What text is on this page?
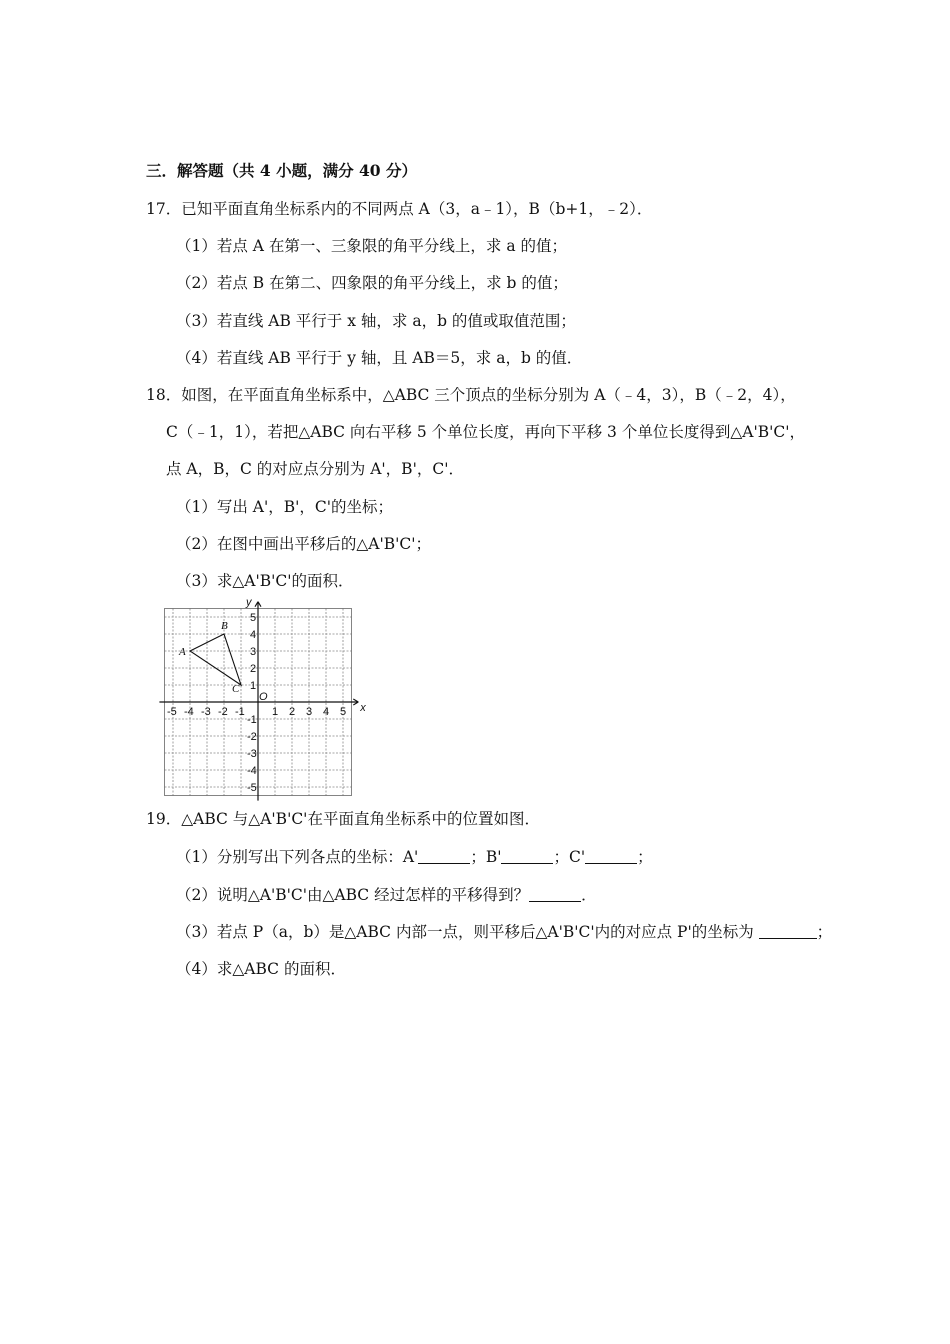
三．解答题（共 4 小题，满分 40 分）
17．已知平面直角坐标系内的不同两点 A（3，a﹣1），B（b+1，﹣2）．
（1）若点 A 在第一、三象限的角平分线上，求 a 的值；
（2）若点 B 在第二、四象限的角平分线上，求 b 的值；
（3）若直线 AB 平行于 x 轴，求 a，b 的值或取值范围；
（4）若直线 AB 平行于 y 轴，且 AB＝5，求 a，b 的值．
18．如图，在平面直角坐标系中，△ABC 三个顶点的坐标分别为 A（﹣4，3），B（﹣2，4），
C（﹣1，1），若把△ABC 向右平移 5 个单位长度，再向下平移 3 个单位长度得到△A'B'C'，
点 A，B，C 的对应点分别为 A'，B'，C'．
（1）写出 A'，B'，C'的坐标；
（2）在图中画出平移后的△A'B'C'；
（3）求△A'B'C'的面积．
x
y
O
-5 -4 -3 -2 -1 1 2 3 4 5
5
4
3
2
1
-1
-2
-3
-4
-5
A
B
C
19．△ABC 与△A'B'C'在平面直角坐标系中的位置如图．
（1）分别写出下列各点的坐标：A'	；B'	；C'	；
（2）说明△A'B'C'由△ABC 经过怎样的平移得到？	．
（3）若点 P（a，b）是△ABC 内部一点，则平移后△A'B'C'内的对应点 P'的坐标为	；
（4）求△ABC 的面积．
